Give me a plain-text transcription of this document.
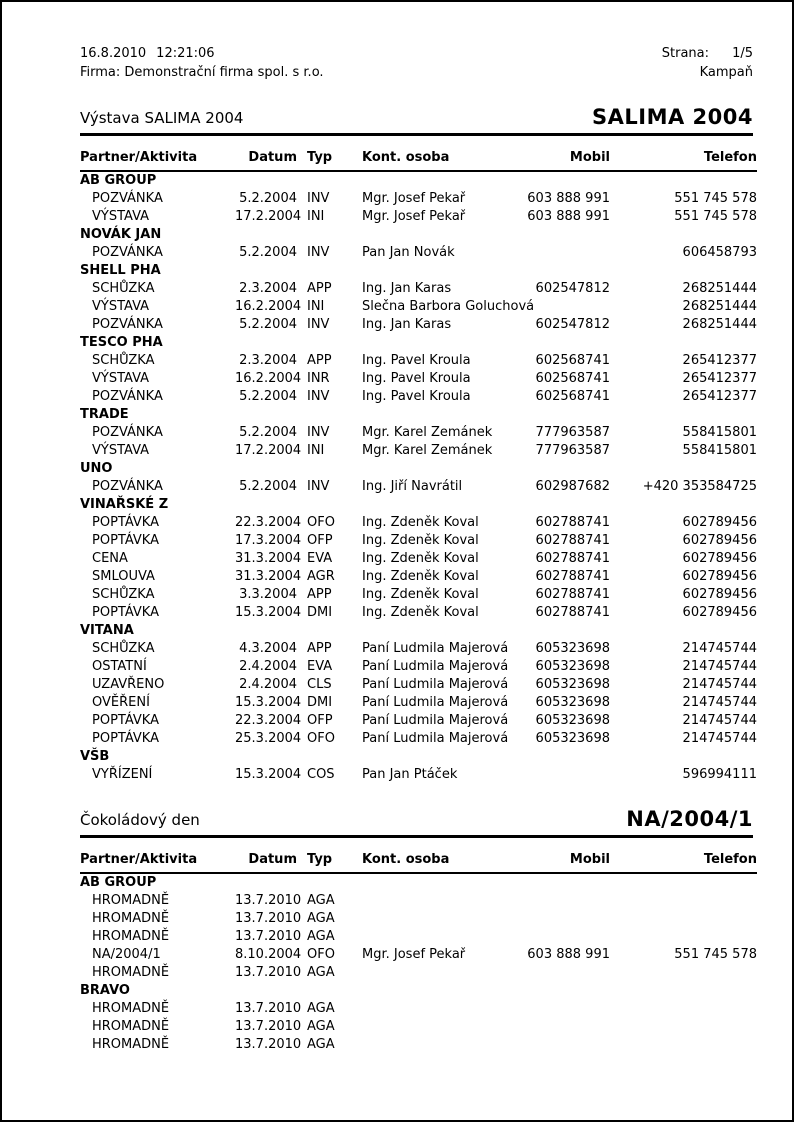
16.8.2010 12:21:06
Firma: Demonstrační firma spol. s r.o.
Strana: 1/5
Kampaň
Výstava SALIMA 2004	SALIMA 2004
Partner/Aktivita	Datum	Typ	Kont. osoba	Mobil	Telefon
AB GROUP					
POZVÁNKA	5.2.2004	INV	Mgr. Josef Pekař	603 888 991	551 745 578
VÝSTAVA	17.2.2004	INI	Mgr. Josef Pekař	603 888 991	551 745 578
NOVÁK JAN					
POZVÁNKA	5.2.2004	INV	Pan Jan Novák		606458793
SHELL PHA					
SCHŮZKA	2.3.2004	APP	Ing. Jan Karas	602547812	268251444
VÝSTAVA	16.2.2004	INI	Slečna Barbora Goluchová		268251444
POZVÁNKA	5.2.2004	INV	Ing. Jan Karas	602547812	268251444
TESCO PHA					
SCHŮZKA	2.3.2004	APP	Ing. Pavel Kroula	602568741	265412377
VÝSTAVA	16.2.2004	INR	Ing. Pavel Kroula	602568741	265412377
POZVÁNKA	5.2.2004	INV	Ing. Pavel Kroula	602568741	265412377
TRADE					
POZVÁNKA	5.2.2004	INV	Mgr. Karel Zemánek	777963587	558415801
VÝSTAVA	17.2.2004	INI	Mgr. Karel Zemánek	777963587	558415801
UNO					
POZVÁNKA	5.2.2004	INV	Ing. Jiří Navrátil	602987682	+420 353584725
VINAŘSKÉ Z					
POPTÁVKA	22.3.2004	OFO	Ing. Zdeněk Koval	602788741	602789456
POPTÁVKA	17.3.2004	OFP	Ing. Zdeněk Koval	602788741	602789456
CENA	31.3.2004	EVA	Ing. Zdeněk Koval	602788741	602789456
SMLOUVA	31.3.2004	AGR	Ing. Zdeněk Koval	602788741	602789456
SCHŮZKA	3.3.2004	APP	Ing. Zdeněk Koval	602788741	602789456
POPTÁVKA	15.3.2004	DMI	Ing. Zdeněk Koval	602788741	602789456
VITANA					
SCHŮZKA	4.3.2004	APP	Paní Ludmila Majerová	605323698	214745744
OSTATNÍ	2.4.2004	EVA	Paní Ludmila Majerová	605323698	214745744
UZAVŘENO	2.4.2004	CLS	Paní Ludmila Majerová	605323698	214745744
OVĚŘENÍ	15.3.2004	DMI	Paní Ludmila Majerová	605323698	214745744
POPTÁVKA	22.3.2004	OFP	Paní Ludmila Majerová	605323698	214745744
POPTÁVKA	25.3.2004	OFO	Paní Ludmila Majerová	605323698	214745744
VŠB					
VYŘÍZENÍ	15.3.2004	COS	Pan Jan Ptáček		596994111
Čokoládový den	NA/2004/1
Partner/Aktivita	Datum	Typ	Kont. osoba	Mobil	Telefon
AB GROUP					
HROMADNĚ	13.7.2010	AGA			
HROMADNĚ	13.7.2010	AGA			
HROMADNĚ	13.7.2010	AGA			
NA/2004/1	8.10.2004	OFO	Mgr. Josef Pekař	603 888 991	551 745 578
HROMADNĚ	13.7.2010	AGA			
BRAVO					
HROMADNĚ	13.7.2010	AGA			
HROMADNĚ	13.7.2010	AGA			
HROMADNĚ	13.7.2010	AGA			
